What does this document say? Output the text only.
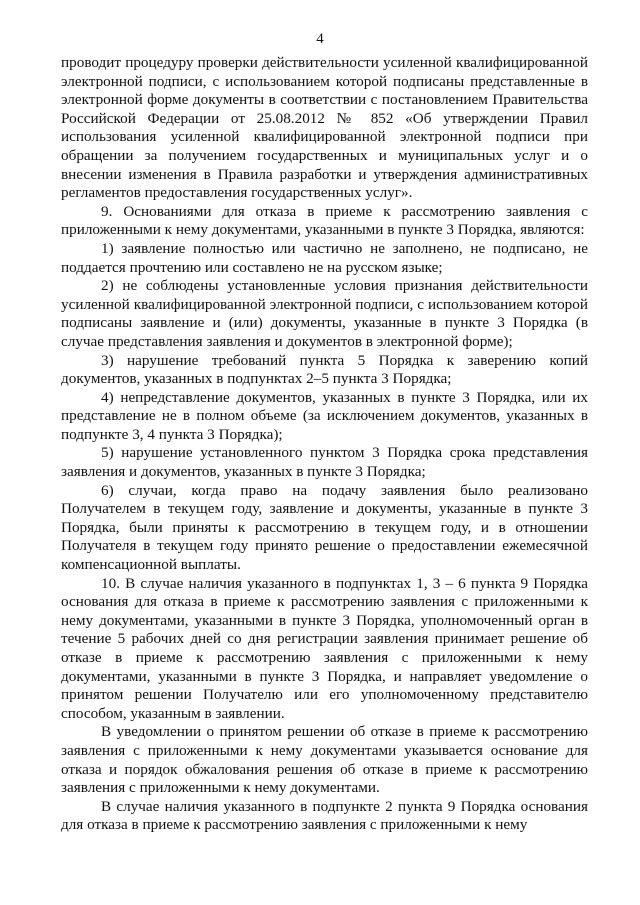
4

проводит процедуру проверки действительности усиленной квалифицированной электронной подписи, с использованием которой подписаны представленные в электронной форме документы в соответствии с постановлением Правительства Российской Федерации от 25.08.2012 № 852 «Об утверждении Правил использования усиленной квалифицированной электронной подписи при обращении за получением государственных и муниципальных услуг и о внесении изменения в Правила разработки и утверждения административных регламентов предоставления государственных услуг».

9. Основаниями для отказа в приеме к рассмотрению заявления с приложенными к нему документами, указанными в пункте 3 Порядка, являются:

1) заявление полностью или частично не заполнено, не подписано, не поддается прочтению или составлено не на русском языке;

2) не соблюдены установленные условия признания действительности усиленной квалифицированной электронной подписи, с использованием которой подписаны заявление и (или) документы, указанные в пункте 3 Порядка (в случае представления заявления и документов в электронной форме);

3) нарушение требований пункта 5 Порядка к заверению копий документов, указанных в подпунктах 2–5 пункта 3 Порядка;

4) непредставление документов, указанных в пункте 3 Порядка, или их представление не в полном объеме (за исключением документов, указанных в подпункте 3, 4 пункта 3 Порядка);

5) нарушение установленного пунктом 3 Порядка срока представления заявления и документов, указанных в пункте 3 Порядка;

6) случаи, когда право на подачу заявления было реализовано Получателем в текущем году, заявление и документы, указанные в пункте 3 Порядка, были приняты к рассмотрению в текущем году, и в отношении Получателя в текущем году принято решение о предоставлении ежемесячной компенсационной выплаты.

10. В случае наличия указанного в подпунктах 1, 3 – 6 пункта 9 Порядка основания для отказа в приеме к рассмотрению заявления с приложенными к нему документами, указанными в пункте 3 Порядка, уполномоченный орган в течение 5 рабочих дней со дня регистрации заявления принимает решение об отказе в приеме к рассмотрению заявления с приложенными к нему документами, указанными в пункте 3 Порядка, и направляет уведомление о принятом решении Получателю или его уполномоченному представителю способом, указанным в заявлении.

В уведомлении о принятом решении об отказе в приеме к рассмотрению заявления с приложенными к нему документами указывается основание для отказа и порядок обжалования решения об отказе в приеме к рассмотрению заявления с приложенными к нему документами.

В случае наличия указанного в подпункте 2 пункта 9 Порядка основания для отказа в приеме к рассмотрению заявления с приложенными к нему
